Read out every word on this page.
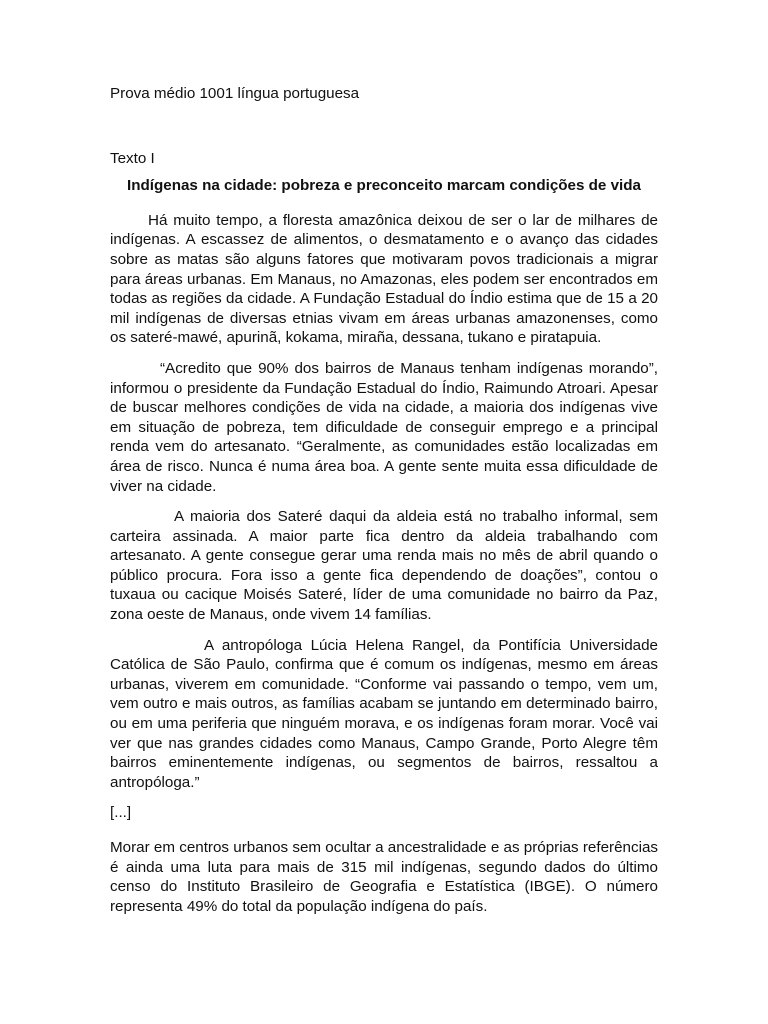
Prova médio 1001 língua portuguesa

Texto I

Indígenas na cidade: pobreza e preconceito marcam condições de vida

Há muito tempo, a floresta amazônica deixou de ser o lar de milhares de indígenas. A escassez de alimentos, o desmatamento e o avanço das cidades sobre as matas são alguns fatores que motivaram povos tradicionais a migrar para áreas urbanas. Em Manaus, no Amazonas, eles podem ser encontrados em todas as regiões da cidade. A Fundação Estadual do Índio estima que de 15 a 20 mil indígenas de diversas etnias vivam em áreas urbanas amazonenses, como os sateré-mawé, apurinã, kokama, miraña, dessana, tukano e piratapuia.

“Acredito que 90% dos bairros de Manaus tenham indígenas morando”, informou o presidente da Fundação Estadual do Índio, Raimundo Atroari. Apesar de buscar melhores condições de vida na cidade, a maioria dos indígenas vive em situação de pobreza, tem dificuldade de conseguir emprego e a principal renda vem do artesanato. “Geralmente, as comunidades estão localizadas em área de risco. Nunca é numa área boa. A gente sente muita essa dificuldade de viver na cidade.

A maioria dos Sateré daqui da aldeia está no trabalho informal, sem carteira assinada. A maior parte fica dentro da aldeia trabalhando com artesanato. A gente consegue gerar uma renda mais no mês de abril quando o público procura. Fora isso a gente fica dependendo de doações”, contou o tuxaua ou cacique Moisés Sateré, líder de uma comunidade no bairro da Paz, zona oeste de Manaus, onde vivem 14 famílias.

A antropóloga Lúcia Helena Rangel, da Pontifícia Universidade Católica de São Paulo, confirma que é comum os indígenas, mesmo em áreas urbanas, viverem em comunidade. “Conforme vai passando o tempo, vem um, vem outro e mais outros, as famílias acabam se juntando em determinado bairro, ou em uma periferia que ninguém morava, e os indígenas foram morar. Você vai ver que nas grandes cidades como Manaus, Campo Grande, Porto Alegre têm bairros eminentemente indígenas, ou segmentos de bairros, ressaltou a antropóloga.”

[...]

Morar em centros urbanos sem ocultar a ancestralidade e as próprias referências é ainda uma luta para mais de 315 mil indígenas, segundo dados do último censo do Instituto Brasileiro de Geografia e Estatística (IBGE). O número representa 49% do total da população indígena do país.
